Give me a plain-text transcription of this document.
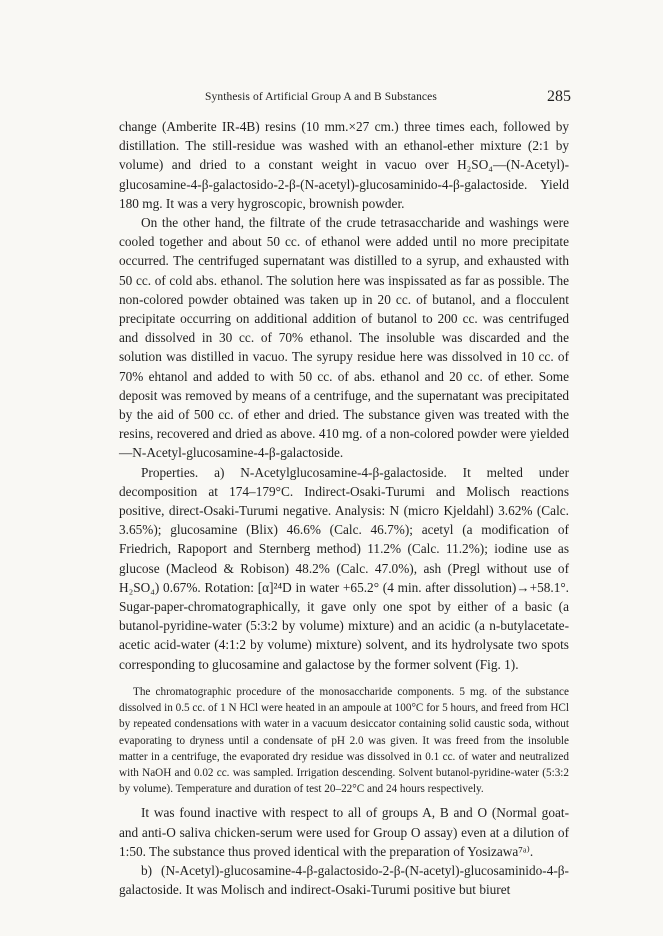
Synthesis of Artificial Group A and B Substances	285

change (Amberite IR-4B) resins (10 mm.×27 cm.) three times each, followed by distillation. The still-residue was washed with an ethanol-ether mixture (2:1 by volume) and dried to a constant weight in vacuo over H₂SO₄—(N-Acetyl)-glucosamine-4-β-galactosido-2-β-(N-acetyl)-glucosaminido-4-β-galactoside. Yield 180 mg. It was a very hygroscopic, brownish powder.

On the other hand, the filtrate of the crude tetrasaccharide and washings were cooled together and about 50 cc. of ethanol were added until no more precipitate occurred. The centrifuged supernatant was distilled to a syrup, and exhausted with 50 cc. of cold abs. ethanol. The solution here was inspissated as far as possible. The non-colored powder obtained was taken up in 20 cc. of butanol, and a flocculent precipitate occurring on additional addition of butanol to 200 cc. was centrifuged and dissolved in 30 cc. of 70% ethanol. The insoluble was discarded and the solution was distilled in vacuo. The syrupy residue here was dissolved in 10 cc. of 70% ehtanol and added to with 50 cc. of abs. ethanol and 20 cc. of ether. Some deposit was removed by means of a centrifuge, and the supernatant was precipitated by the aid of 500 cc. of ether and dried. The substance given was treated with the resins, recovered and dried as above. 410 mg. of a non-colored powder were yielded—N-Acetyl-glucosamine-4-β-galactoside.

Properties. a) N-Acetylglucosamine-4-β-galactoside. It melted under decomposition at 174–179°C. Indirect-Osaki-Turumi and Molisch reactions positive, direct-Osaki-Turumi negative. Analysis: N (micro Kjeldahl) 3.62% (Calc. 3.65%); glucosamine (Blix) 46.6% (Calc. 46.7%); acetyl (a modification of Friedrich, Rapoport and Sternberg method) 11.2% (Calc. 11.2%); iodine use as glucose (Macleod & Robison) 48.2% (Calc. 47.0%), ash (Pregl without use of H₂SO₄) 0.67%. Rotation: [α]²⁴D in water +65.2° (4 min. after dissolution)→+58.1°. Sugar-paper-chromatographically, it gave only one spot by either of a basic (a butanol-pyridine-water (5:3:2 by volume) mixture) and an acidic (a n-butylacetate-acetic acid-water (4:1:2 by volume) mixture) solvent, and its hydrolysate two spots corresponding to glucosamine and galactose by the former solvent (Fig. 1).

The chromatographic procedure of the monosaccharide components. 5 mg. of the substance dissolved in 0.5 cc. of 1 N HCl were heated in an ampoule at 100°C for 5 hours, and freed from HCl by repeated condensations with water in a vacuum desiccator containing solid caustic soda, without evaporating to dryness until a condensate of pH 2.0 was given. It was freed from the insoluble matter in a centrifuge, the evaporated dry residue was dissolved in 0.1 cc. of water and neutralized with NaOH and 0.02 cc. was sampled. Irrigation descending. Solvent butanol-pyridine-water (5:3:2 by volume). Temperature and duration of test 20–22°C and 24 hours respectively.

It was found inactive with respect to all of groups A, B and O (Normal goat- and anti-O saliva chicken-serum were used for Group O assay) even at a dilution of 1:50. The substance thus proved identical with the preparation of Yosizawa⁷ᵃ⁾.

b) (N-Acetyl)-glucosamine-4-β-galactosido-2-β-(N-acetyl)-glucosaminido-4-β-galactoside. It was Molisch and indirect-Osaki-Turumi positive but biuret
